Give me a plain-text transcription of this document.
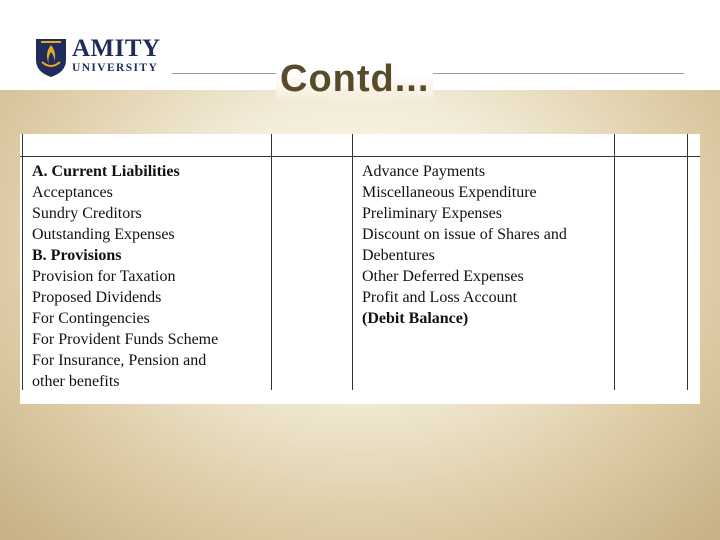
AMITY
UNIVERSITY	Contd...
A. Current Liabilities
Acceptances
Sundry Creditors
Outstanding Expenses
B. Provisions
Provision for Taxation
Proposed Dividends
For Contingencies
For Provident Funds Scheme
For Insurance, Pension and
other benefits
Advance Payments
Miscellaneous Expenditure
Preliminary Expenses
Discount on issue of Shares and
Debentures
Other Deferred Expenses
Profit and Loss Account
(Debit Balance)
